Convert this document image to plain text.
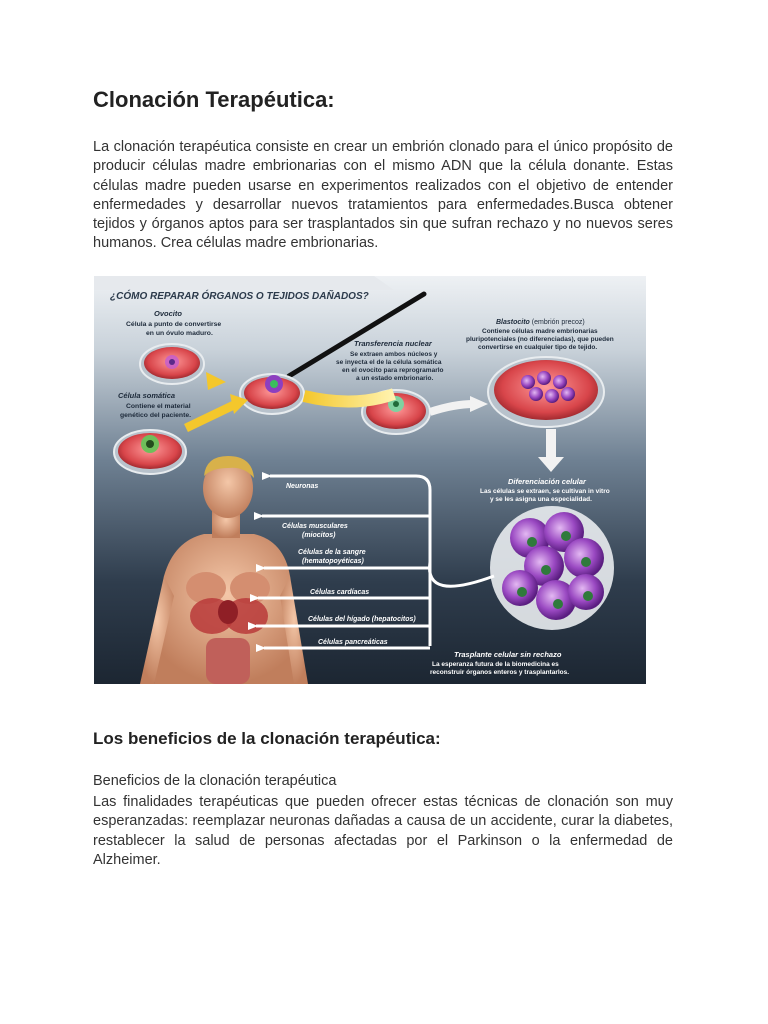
Clonación Terapéutica:

La clonación terapéutica consiste en crear un embrión clonado para el único propósito de producir células madre embrionarias con el mismo ADN que la célula donante. Estas células madre pueden usarse en experimentos realizados con el objetivo de entender enfermedades y desarrollar nuevos tratamientos para enfermedades.Busca obtener tejidos y órganos aptos para ser trasplantados sin que sufran rechazo y no nuevos seres humanos. Crea células madre embrionarias.

¿CÓMO REPARAR ÓRGANOS O TEJIDOS DAÑADOS?
Ovocito
Célula a punto de convertirse
en un óvulo maduro.
Célula somática
Contiene el material
genético del paciente.
Transferencia nuclear
Se extraen ambos núcleos y
se inyecta el de la célula somática
en el ovocito para reprogramarlo
a un estado embrionario.
Blastocito (embrión precoz)
Contiene células madre embrionarias
pluripotenciales (no diferenciadas), que pueden
convertirse en cualquier tipo de tejido.
Diferenciación celular
Las células se extraen, se cultivan in vitro
y se les asigna una especialidad.
Trasplante celular sin rechazo
La esperanza futura de la biomedicina es
reconstruir órganos enteros y trasplantarlos.
Neuronas
Células musculares
(miocitos)
Células de la sangre
(hematopoyéticas)
Células cardíacas
Células del hígado (hepatocitos)
Células pancreáticas
Los beneficios de la clonación terapéutica:

Beneficios de la clonación terapéutica

Las finalidades terapéuticas que pueden ofrecer estas técnicas de clonación son muy esperanzadas: reemplazar neuronas dañadas a causa de un accidente, curar la diabetes, restablecer la salud de personas afectadas por el Parkinson o la enfermedad de Alzheimer.
